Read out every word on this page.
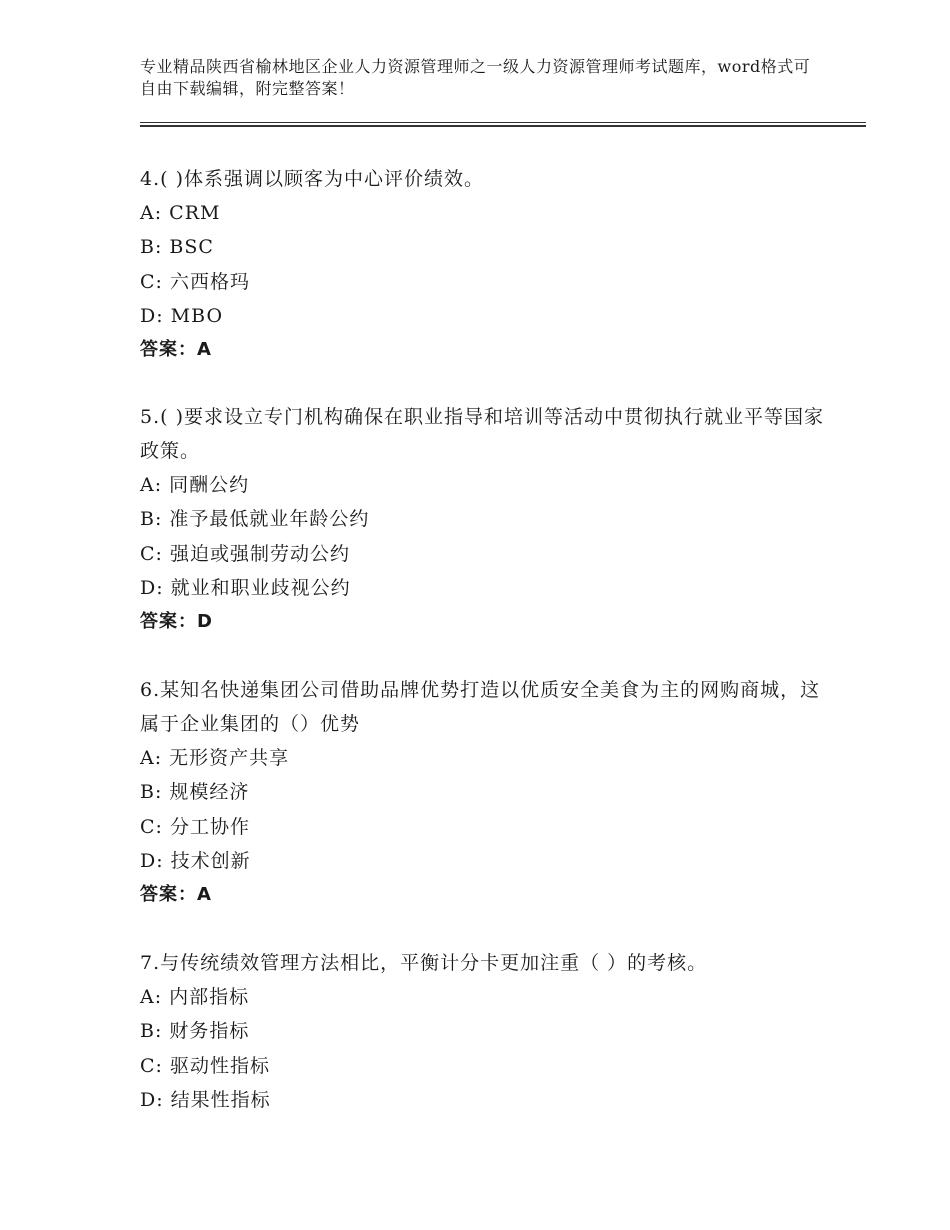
专业精品陕西省榆林地区企业人力资源管理师之一级人力资源管理师考试题库，word格式可自由下载编辑，附完整答案！
4.( )体系强调以顾客为中心评价绩效。
A: CRM
B: BSC
C: 六西格玛
D: MBO
答案：A
5.( )要求设立专门机构确保在职业指导和培训等活动中贯彻执行就业平等国家 政策。
A: 同酬公约
B: 准予最低就业年龄公约
C: 强迫或强制劳动公约
D: 就业和职业歧视公约
答案：D
6.某知名快递集团公司借助品牌优势打造以优质安全美食为主的网购商城，这属于企业集团的（）优势
A: 无形资产共享
B: 规模经济
C: 分工协作
D: 技术创新
答案：A
7.与传统绩效管理方法相比，平衡计分卡更加注重（ ）的考核。
A: 内部指标
B: 财务指标
C: 驱动性指标
D: 结果性指标
